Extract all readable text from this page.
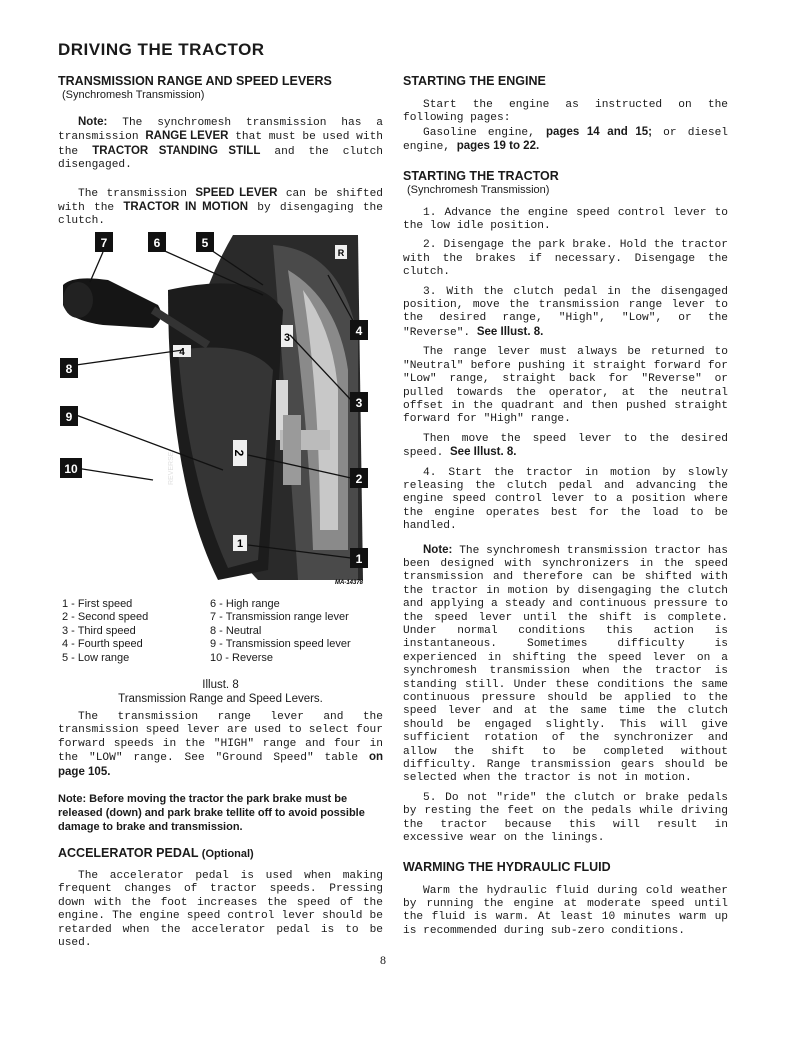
DRIVING THE TRACTOR

TRANSMISSION RANGE AND SPEED LEVERS

(Synchromesh Transmission)

Note: The synchromesh transmission has a transmission RANGE LEVER that must be used with the TRACTOR STANDING STILL and the clutch disengaged.

The transmission SPEED LEVER can be shifted with the TRACTOR IN MOTION by disengaging the clutch.

2
1
3
4
R
REVERSE
7	6	5
4
8
3
9
2
10
1
MA-14378
1 - First speed
2 - Second speed
3 - Third speed
4 - Fourth speed
5 - Low range
6 - High range
7 - Transmission range lever
8 - Neutral
9 - Transmission speed lever
10 - Reverse
Illust. 8
Transmission Range and Speed Levers.

The transmission range lever and the transmission speed lever are used to select four forward speeds in the "HIGH" range and four in the "LOW" range. See "Ground Speed" table on page 105.

Note: Before moving the tractor the park brake must be released (down) and park brake tellite off to avoid possible damage to brake and transmission.

ACCELERATOR PEDAL (Optional)

The accelerator pedal is used when making frequent changes of tractor speeds. Pressing down with the foot increases the speed of the engine. The engine speed control lever should be retarded when the accelerator pedal is to be used.

STARTING THE ENGINE

Start the engine as instructed on the following pages:

Gasoline engine, pages 14 and 15; or diesel engine, pages 19 to 22.

STARTING THE TRACTOR

(Synchromesh Transmission)

1. Advance the engine speed control lever to the low idle position.

2. Disengage the park brake. Hold the tractor with the brakes if necessary. Disengage the clutch.

3. With the clutch pedal in the disengaged position, move the transmission range lever to the desired range, "High", "Low", or the "Reverse". See Illust. 8.

The range lever must always be returned to "Neutral" before pushing it straight forward for "Low" range, straight back for "Reverse" or pulled towards the operator, at the neutral offset in the quadrant and then pushed straight forward for "High" range.

Then move the speed lever to the desired speed. See Illust. 8.

4. Start the tractor in motion by slowly releasing the clutch pedal and advancing the engine speed control lever to a position where the engine operates best for the load to be handled.

Note: The synchromesh transmission tractor has been designed with synchronizers in the speed transmission and therefore can be shifted with the tractor in motion by disengaging the clutch and applying a steady and continuous pressure to the speed lever until the shift is complete. Under normal conditions this action is instantaneous. Sometimes difficulty is experienced in shifting the speed lever on a synchromesh transmission when the tractor is standing still. Under these conditions the same continuous pressure should be applied to the speed lever and at the same time the clutch should be engaged slightly. This will give sufficient rotation of the synchronizer and allow the shift to be completed without difficulty. Range transmission gears should be selected when the tractor is not in motion.

5. Do not "ride" the clutch or brake pedals by resting the feet on the pedals while driving the tractor because this will result in excessive wear on the linings.

WARMING THE HYDRAULIC FLUID

Warm the hydraulic fluid during cold weather by running the engine at moderate speed until the fluid is warm. At least 10 minutes warm up is recommended during sub-zero conditions.

8
